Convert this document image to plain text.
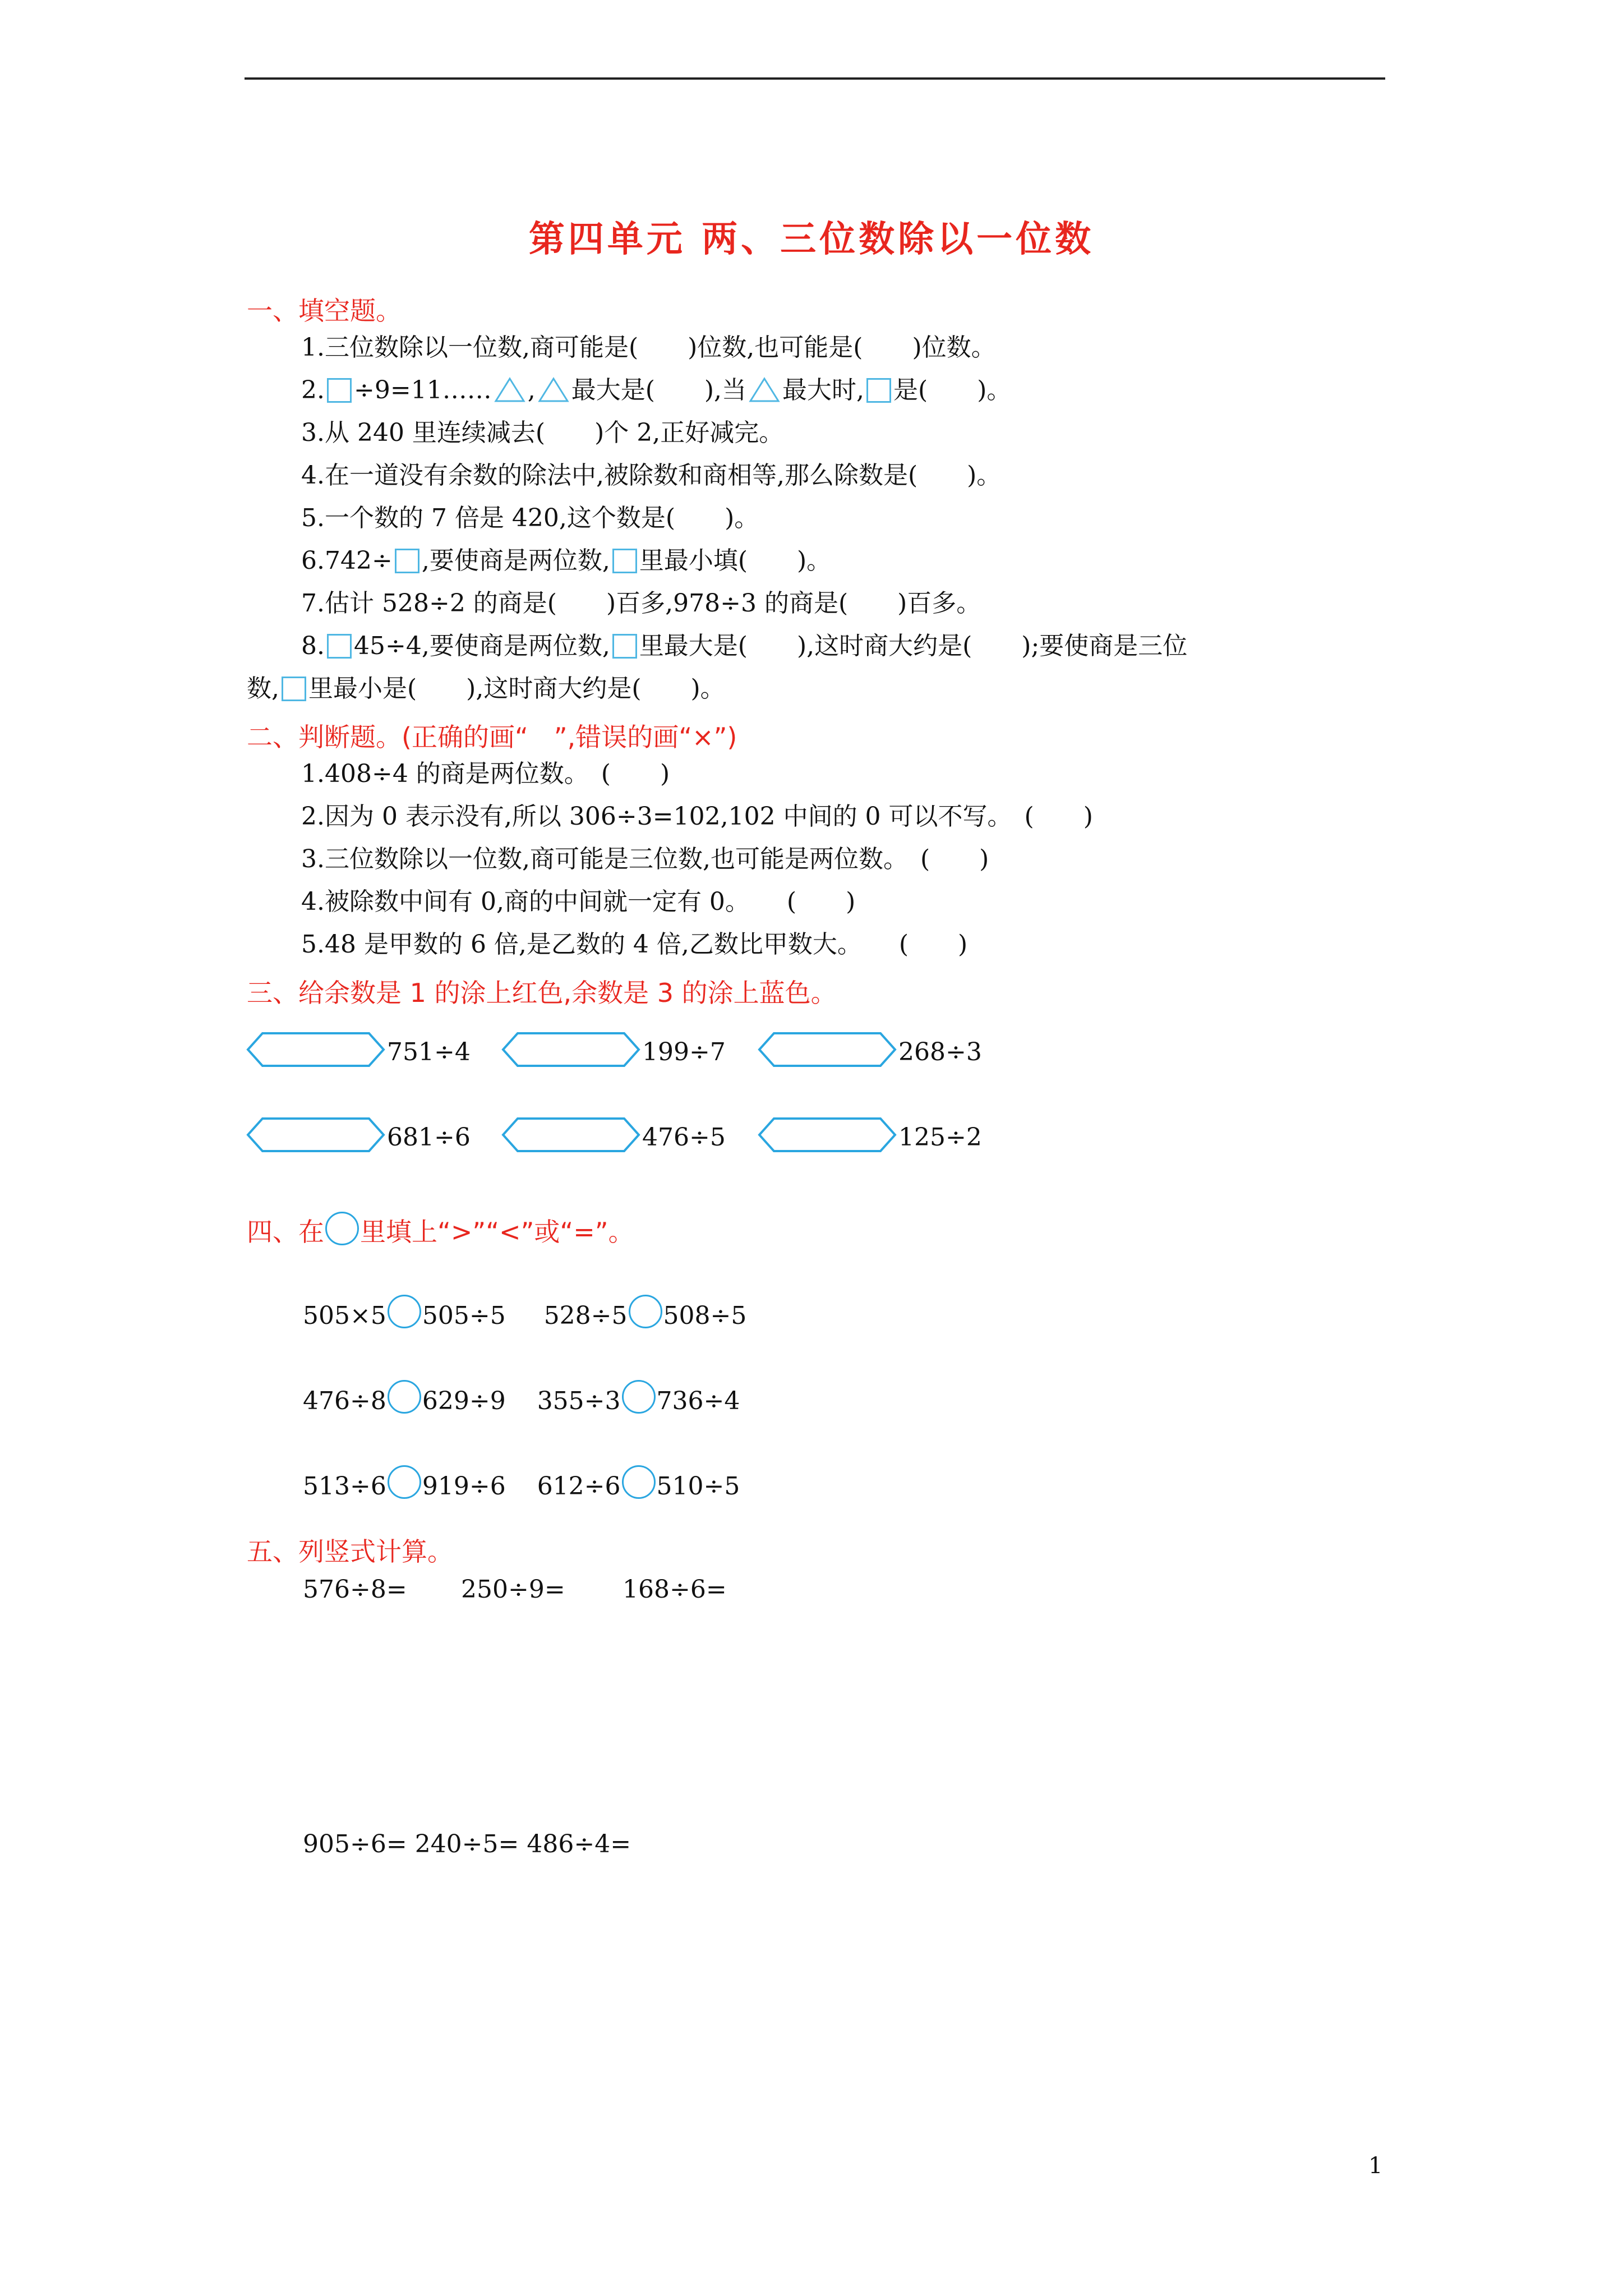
第四单元 两、三位数除以一位数
一、填空题。
1.三位数除以一位数,商可能是(　　)位数,也可能是(　　)位数。
2. ÷9=11…… , 最大是(　　),当 最大时, 是(　　)。
3.从 240 里连续减去(　　)个 2,正好减完。
4.在一道没有余数的除法中,被除数和商相等,那么除数是(　　)。
5.一个数的 7 倍是 420,这个数是(　　)。
6.742÷ ,要使商是两位数, 里最小填(　　)。
7.估计 528÷2 的商是(　　)百多,978÷3 的商是(　　)百多。
8. 45÷4,要使商是两位数, 里最大是(　　),这时商大约是(　　);要使商是三位
数, 里最小是(　　),这时商大约是(　　)。
二、判断题。(正确的画“　”,错误的画“×”)
1.408÷4 的商是两位数。　(　　)
2.因为 0 表示没有,所以 306÷3=102,102 中间的 0 可以不写。　(　　)
3.三位数除以一位数,商可能是三位数,也可能是两位数。　(　　)
4.被除数中间有 0,商的中间就一定有 0。　　(　　)
5.48 是甲数的 6 倍,是乙数的 4 倍,乙数比甲数大。　　(　　)
三、给余数是 1 的涂上红色,余数是 3 的涂上蓝色。
751÷4	199÷7	268÷3
681÷6	476÷5	125÷2
四、在 里填上“>”“<”或“=”。
505×5 505÷5 528÷5 508÷5
476÷8 629÷9 355÷3 736÷4
513÷6 919÷6 612÷6 510÷5
五、列竖式计算。
576÷8= 250÷9= 168÷6=
905÷6= 240÷5= 486÷4=
1
